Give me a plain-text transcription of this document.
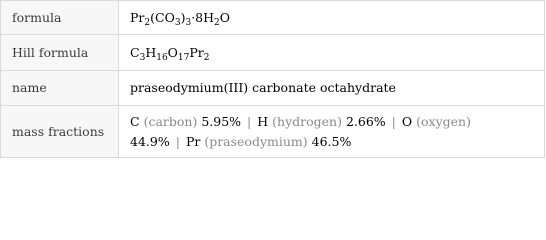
formula	$Pr_2(CO_3)_3\cdot 8H_2O$
Hill formula	$C_3H_{16}O_{17}Pr_2$
name	praseodymium(III) carbonate octahydrate
mass fractions	C (carbon) 5.95% | H (hydrogen) 2.66% | O (oxygen)
44.9% | Pr (praseodymium) 46.5%
